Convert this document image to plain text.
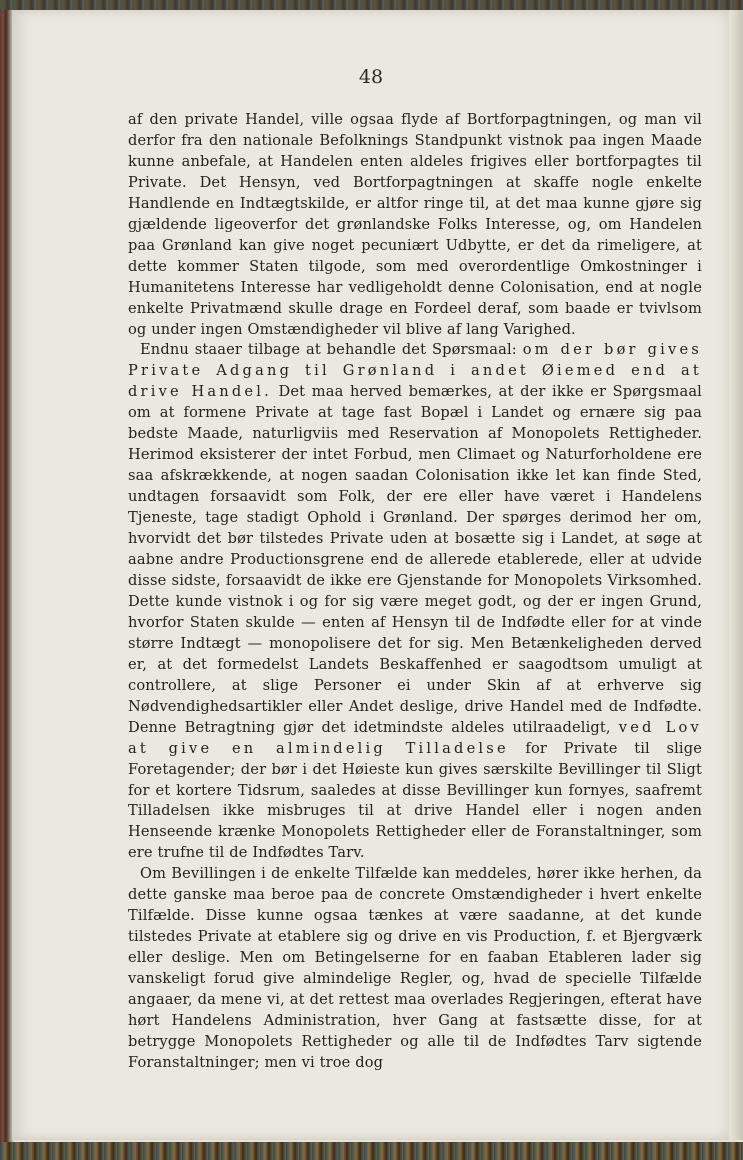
48

af den private Handel, ville ogsaa flyde af Bortforpagtningen, og man vil derfor fra den nationale Befolknings Standpunkt vistnok paa ingen Maade kunne anbefale, at Handelen enten aldeles frigives eller bortforpagtes til Private. Det Hensyn, ved Bortforpagtningen at skaffe nogle enkelte Handlende en Indtægtskilde, er altfor ringe til, at det maa kunne gjøre sig gjældende ligeoverfor det grønlandske Folks Interesse, og, om Handelen paa Grønland kan give noget pecuniært Udbytte, er det da rimeligere, at dette kommer Staten tilgode, som med overordentlige Omkostninger i Humanitetens Interesse har vedligeholdt denne Colonisation, end at nogle enkelte Privatmænd skulle drage en Fordeel deraf, som baade er tvivlsom og under ingen Omstændigheder vil blive af lang Varighed.

Endnu staaer tilbage at behandle det Spørsmaal: om der bør gives Private Adgang til Grønland i andet Øiemed end at drive Handel. Det maa herved bemærkes, at der ikke er Spørgsmaal om at formene Private at tage fast Bopæl i Landet og ernære sig paa bedste Maade, naturligviis med Reservation af Monopolets Rettigheder. Herimod eksisterer der intet Forbud, men Climaet og Naturforholdene ere saa afskrækkende, at nogen saadan Colonisation ikke let kan finde Sted, undtagen forsaavidt som Folk, der ere eller have været i Handelens Tjeneste, tage stadigt Ophold i Grønland. Der spørges derimod her om, hvorvidt det bør tilstedes Private uden at bosætte sig i Landet, at søge at aabne andre Productionsgrene end de allerede etablerede, eller at udvide disse sidste, forsaavidt de ikke ere Gjenstande for Monopolets Virksomhed. Dette kunde vistnok i og for sig være meget godt, og der er ingen Grund, hvorfor Staten skulde — enten af Hensyn til de Indfødte eller for at vinde større Indtægt — monopolisere det for sig. Men Betænkeligheden derved er, at det formedelst Landets Beskaffenhed er saagodtsom umuligt at controllere, at slige Personer ei under Skin af at erhverve sig Nødvendighedsartikler eller Andet deslige, drive Handel med de Indfødte. Denne Betragtning gjør det idetmindste aldeles utilraadeligt, ved Lov at give en almindelig Tilladelse for Private til slige Foretagender; der bør i det Høieste kun gives særskilte Bevillinger til Sligt for et kortere Tidsrum, saaledes at disse Bevillinger kun fornyes, saafremt Tilladelsen ikke misbruges til at drive Handel eller i nogen anden Henseende krænke Monopolets Rettigheder eller de Foranstaltninger, som ere trufne til de Indfødtes Tarv.

Om Bevillingen i de enkelte Tilfælde kan meddeles, hører ikke herhen, da dette ganske maa beroe paa de concrete Omstændigheder i hvert enkelte Tilfælde. Disse kunne ogsaa tænkes at være saadanne, at det kunde tilstedes Private at etablere sig og drive en vis Production, f. et Bjergværk eller deslige. Men om Betingelserne for en faaban Etableren lader sig vanskeligt forud give almindelige Regler, og, hvad de specielle Tilfælde angaaer, da mene vi, at det rettest maa overlades Regjeringen, efterat have hørt Handelens Administration, hver Gang at fastsætte disse, for at betrygge Monopolets Rettigheder og alle til de Indfødtes Tarv sigtende Foranstaltninger; men vi troe dog
